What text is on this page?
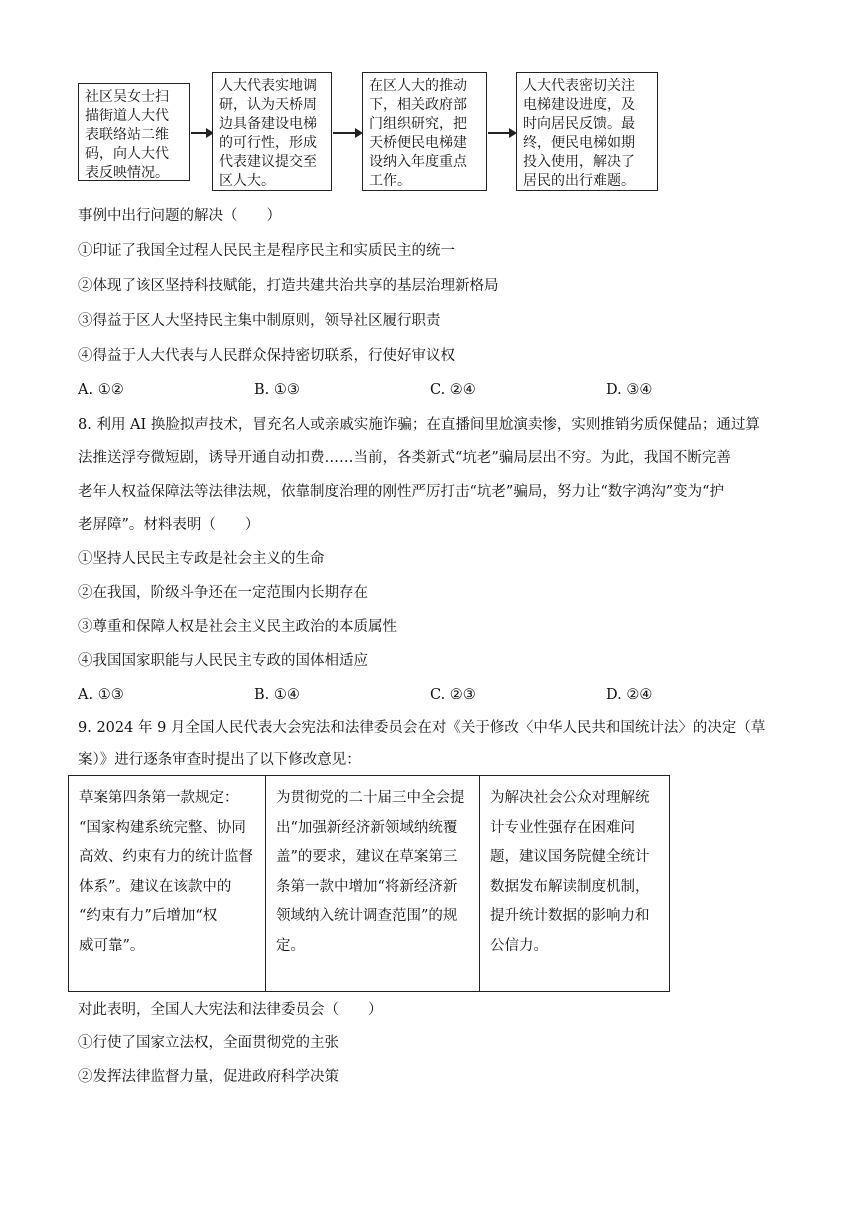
社区吴女士扫
描街道人大代
表联络站二维
码，向人大代
表反映情况。
人大代表实地调
研，认为天桥周
边具备建设电梯
的可行性，形成
代表建议提交至
区人大。
在区人大的推动
下，相关政府部
门组织研究，把
天桥便民电梯建
设纳入年度重点
工作。
人大代表密切关注
电梯建设进度，及
时向居民反馈。最
终，便民电梯如期
投入使用，解决了
居民的出行难题。
事例中出行问题的解决（　　）
①印证了我国全过程人民民主是程序民主和实质民主的统一
②体现了该区坚持科技赋能，打造共建共治共享的基层治理新格局
③得益于区人大坚持民主集中制原则，领导社区履行职责
④得益于人大代表与人民群众保持密切联系，行使好审议权
A. ①②	B. ①③	C. ②④	D. ③④
8. 利用 AI 换脸拟声技术，冒充名人或亲戚实施诈骗；在直播间里尬演卖惨，实则推销劣质保健品；通过算
法推送浮夸微短剧，诱导开通自动扣费……当前，各类新式“坑老”骗局层出不穷。为此，我国不断完善
老年人权益保障法等法律法规，依靠制度治理的刚性严厉打击“坑老”骗局，努力让“数字鸿沟”变为“护
老屏障”。材料表明（　　）
①坚持人民民主专政是社会主义的生命
②在我国，阶级斗争还在一定范围内长期存在
③尊重和保障人权是社会主义民主政治的本质属性
④我国国家职能与人民民主专政的国体相适应
A. ①③	B. ①④	C. ②③	D. ②④
9. 2024 年 9 月全国人民代表大会宪法和法律委员会在对《关于修改〈中华人民共和国统计法〉的决定（草
案）》进行逐条审查时提出了以下修改意见：
草案第四条第一款规定：
“国家构建系统完整、协同
高效、约束有力的统计监督
体系”。建议在该款中的
“约束有力”后增加“权
威可靠”。

为贯彻党的二十届三中全会提
出“加强新经济新领域纳统覆
盖”的要求，建议在草案第三
条第一款中增加“将新经济新
领域纳入统计调查范围”的规
定。

为解决社会公众对理解统
计专业性强存在困难问
题，建议国务院健全统计
数据发布解读制度机制，
提升统计数据的影响力和
公信力。
对此表明，全国人大宪法和法律委员会（　　）
①行使了国家立法权，全面贯彻党的主张
②发挥法律监督力量，促进政府科学决策
